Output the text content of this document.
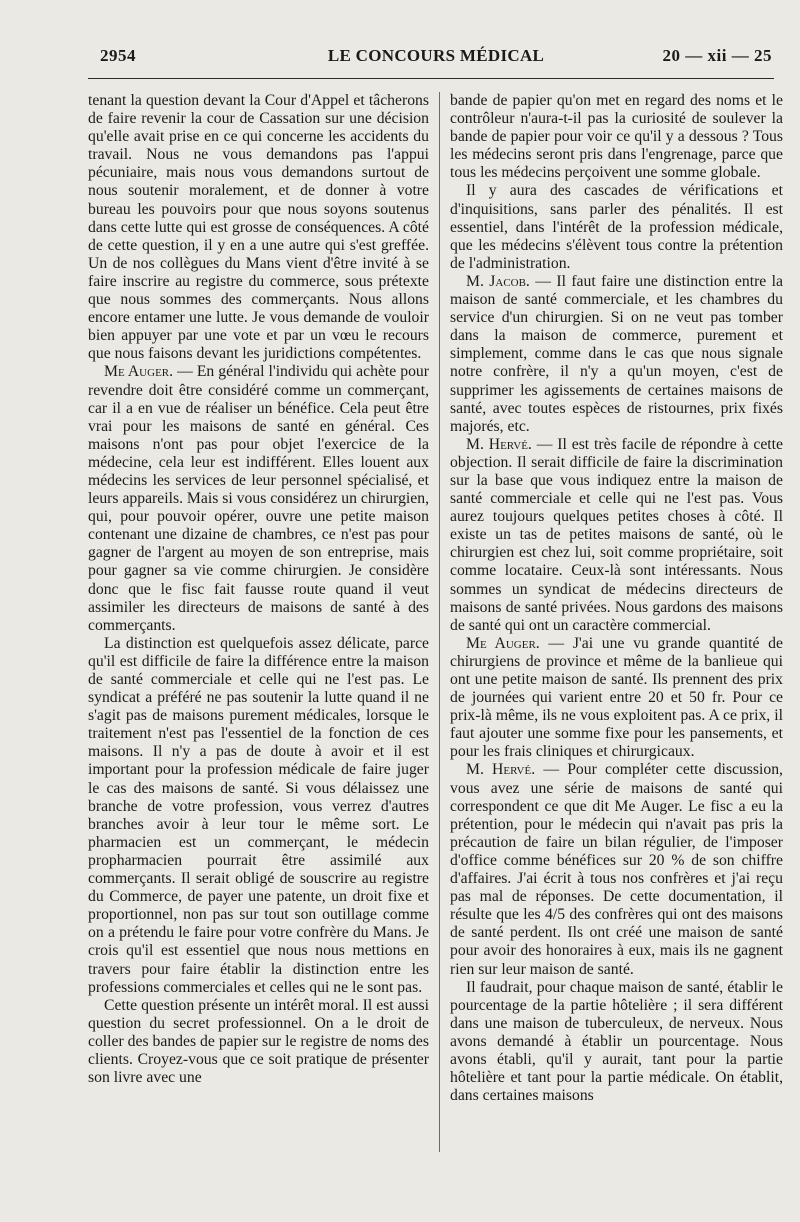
2954	LE CONCOURS MÉDICAL	20 — xii — 25

tenant la question devant la Cour d'Appel et tâcherons de faire revenir la cour de Cassation sur une décision qu'elle avait prise en ce qui concerne les accidents du travail. Nous ne vous demandons pas l'appui pécuniaire, mais nous vous demandons surtout de nous soutenir moralement, et de donner à votre bureau les pouvoirs pour que nous soyons soutenus dans cette lutte qui est grosse de conséquences. A côté de cette question, il y en a une autre qui s'est greffée. Un de nos collègues du Mans vient d'être invité à se faire inscrire au registre du commerce, sous prétexte que nous sommes des commerçants. Nous allons encore entamer une lutte. Je vous demande de vouloir bien appuyer par une vote et par un vœu le recours que nous faisons devant les juridictions compétentes.

Me Auger. — En général l'individu qui achète pour revendre doit être considéré comme un commerçant, car il a en vue de réaliser un bénéfice. Cela peut être vrai pour les maisons de santé en général. Ces maisons n'ont pas pour objet l'exercice de la médecine, cela leur est indifférent. Elles louent aux médecins les services de leur personnel spécialisé, et leurs appareils. Mais si vous considérez un chirurgien, qui, pour pouvoir opérer, ouvre une petite maison contenant une dizaine de chambres, ce n'est pas pour gagner de l'argent au moyen de son entreprise, mais pour gagner sa vie comme chirurgien. Je considère donc que le fisc fait fausse route quand il veut assimiler les directeurs de maisons de santé à des commerçants.

La distinction est quelquefois assez délicate, parce qu'il est difficile de faire la différence entre la maison de santé commerciale et celle qui ne l'est pas. Le syndicat a préféré ne pas soutenir la lutte quand il ne s'agit pas de maisons purement médicales, lorsque le traitement n'est pas l'essentiel de la fonction de ces maisons. Il n'y a pas de doute à avoir et il est important pour la profession médicale de faire juger le cas des maisons de santé. Si vous délaissez une branche de votre profession, vous verrez d'autres branches avoir à leur tour le même sort. Le pharmacien est un commerçant, le médecin propharmacien pourrait être assimilé aux commerçants. Il serait obligé de souscrire au registre du Commerce, de payer une patente, un droit fixe et proportionnel, non pas sur tout son outillage comme on a prétendu le faire pour votre confrère du Mans. Je crois qu'il est essentiel que nous nous mettions en travers pour faire établir la distinction entre les professions commerciales et celles qui ne le sont pas.

Cette question présente un intérêt moral. Il est aussi question du secret professionnel. On a le droit de coller des bandes de papier sur le registre de noms des clients. Croyez-vous que ce soit pratique de présenter son livre avec une

bande de papier qu'on met en regard des noms et le contrôleur n'aura-t-il pas la curiosité de soulever la bande de papier pour voir ce qu'il y a dessous ? Tous les médecins seront pris dans l'engrenage, parce que tous les médecins perçoivent une somme globale.

Il y aura des cascades de vérifications et d'inquisitions, sans parler des pénalités. Il est essentiel, dans l'intérêt de la profession médicale, que les médecins s'élèvent tous contre la prétention de l'administration.

M. Jacob. — Il faut faire une distinction entre la maison de santé commerciale, et les chambres du service d'un chirurgien. Si on ne veut pas tomber dans la maison de commerce, purement et simplement, comme dans le cas que nous signale notre confrère, il n'y a qu'un moyen, c'est de supprimer les agissements de certaines maisons de santé, avec toutes espèces de ristournes, prix fixés majorés, etc.

M. Hervé. — Il est très facile de répondre à cette objection. Il serait difficile de faire la discrimination sur la base que vous indiquez entre la maison de santé commerciale et celle qui ne l'est pas. Vous aurez toujours quelques petites choses à côté. Il existe un tas de petites maisons de santé, où le chirurgien est chez lui, soit comme propriétaire, soit comme locataire. Ceux-là sont intéressants. Nous sommes un syndicat de médecins directeurs de maisons de santé privées. Nous gardons des maisons de santé qui ont un caractère commercial.

Me Auger. — J'ai une vu grande quantité de chirurgiens de province et même de la banlieue qui ont une petite maison de santé. Ils prennent des prix de journées qui varient entre 20 et 50 fr. Pour ce prix-là même, ils ne vous exploitent pas. A ce prix, il faut ajouter une somme fixe pour les pansements, et pour les frais cliniques et chirurgicaux.

M. Hervé. — Pour compléter cette discussion, vous avez une série de maisons de santé qui correspondent ce que dit Me Auger. Le fisc a eu la prétention, pour le médecin qui n'avait pas pris la précaution de faire un bilan régulier, de l'imposer d'office comme bénéfices sur 20 % de son chiffre d'affaires. J'ai écrit à tous nos confrères et j'ai reçu pas mal de réponses. De cette documentation, il résulte que les 4/5 des confrères qui ont des maisons de santé perdent. Ils ont créé une maison de santé pour avoir des honoraires à eux, mais ils ne gagnent rien sur leur maison de santé.

Il faudrait, pour chaque maison de santé, établir le pourcentage de la partie hôtelière ; il sera différent dans une maison de tuberculeux, de nerveux. Nous avons demandé à établir un pourcentage. Nous avons établi, qu'il y aurait, tant pour la partie hôtelière et tant pour la partie médicale. On établit, dans certaines maisons
